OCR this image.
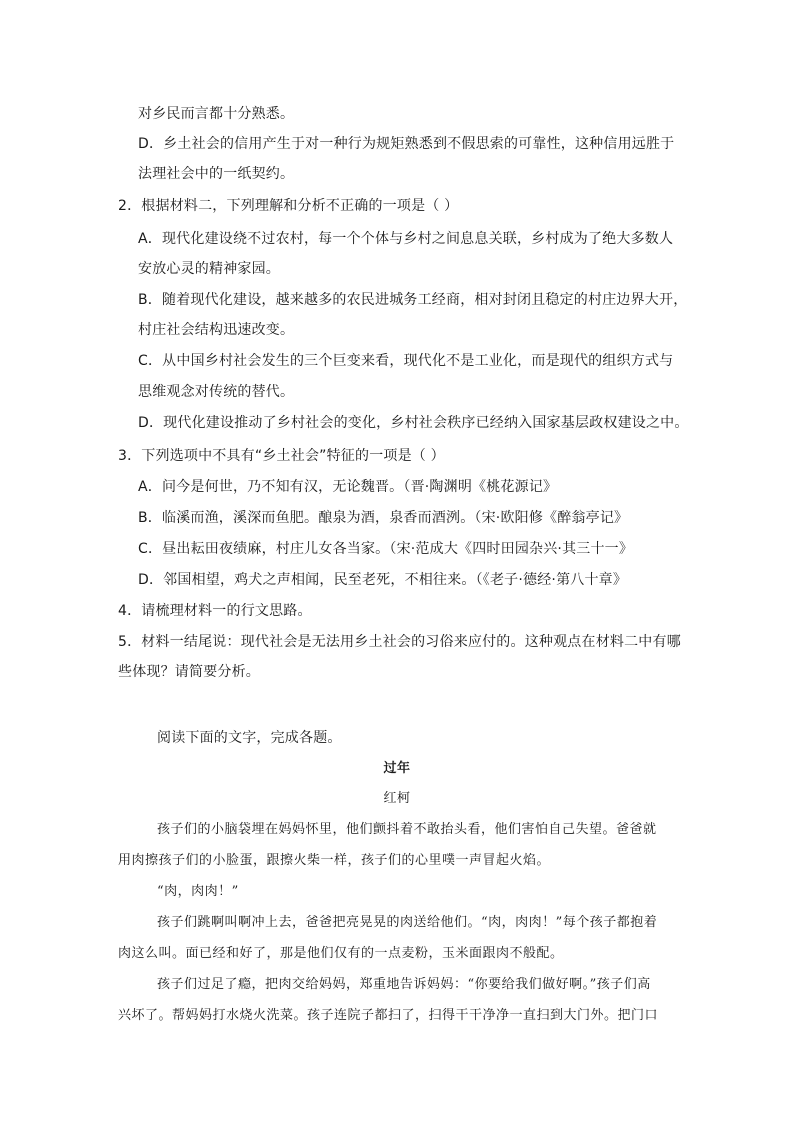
对乡民而言都十分熟悉。
D．乡土社会的信用产生于对一种行为规矩熟悉到不假思索的可靠性，这种信用远胜于
法理社会中的一纸契约。
2．根据材料二，下列理解和分析不正确的一项是（ ）
A．现代化建设绕不过农村，每一个个体与乡村之间息息关联，乡村成为了绝大多数人
安放心灵的精神家园。
B．随着现代化建设，越来越多的农民进城务工经商，相对封闭且稳定的村庄边界大开，
村庄社会结构迅速改变。
C．从中国乡村社会发生的三个巨变来看，现代化不是工业化，而是现代的组织方式与
思维观念对传统的替代。
D．现代化建设推动了乡村社会的变化，乡村社会秩序已经纳入国家基层政权建设之中。
3．下列选项中不具有“乡土社会”特征的一项是（ ）
A．问今是何世，乃不知有汉，无论魏晋。（晋·陶渊明《桃花源记》
B．临溪而渔，溪深而鱼肥。酿泉为酒，泉香而酒洌。（宋·欧阳修《醉翁亭记》
C．昼出耘田夜绩麻，村庄儿女各当家。（宋·范成大《四时田园杂兴·其三十一》
D．邻国相望，鸡犬之声相闻，民至老死，不相往来。（《老子·德经·第八十章》
4．请梳理材料一的行文思路。
5．材料一结尾说：现代社会是无法用乡土社会的习俗来应付的。这种观点在材料二中有哪
些体现？请简要分析。
阅读下面的文字，完成各题。
过年
红柯
孩子们的小脑袋埋在妈妈怀里，他们颤抖着不敢抬头看，他们害怕自己失望。爸爸就
用肉擦孩子们的小脸蛋，跟擦火柴一样，孩子们的心里噗一声冒起火焰。
“肉，肉肉！”
孩子们跳啊叫啊冲上去，爸爸把亮晃晃的肉送给他们。“肉，肉肉！”每个孩子都抱着
肉这么叫。面已经和好了，那是他们仅有的一点麦粉，玉米面跟肉不般配。
孩子们过足了瘾，把肉交给妈妈，郑重地告诉妈妈：“你要给我们做好啊。”孩子们高
兴坏了。帮妈妈打水烧火洗菜。孩子连院子都扫了，扫得干干净净一直扫到大门外。把门口
